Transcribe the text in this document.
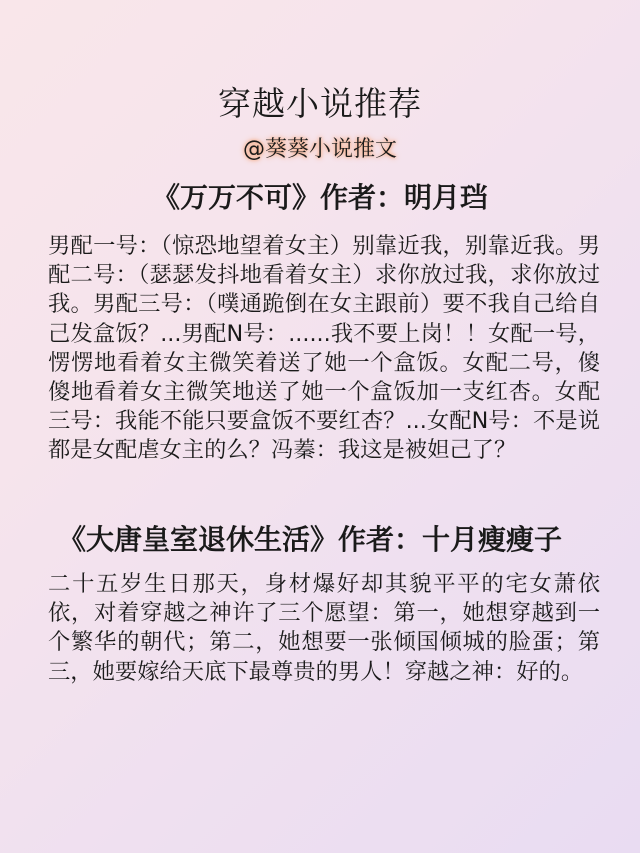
穿越小说推荐
@葵葵小说推文
《万万不可》作者：明月珰

男配一号：（惊恐地望着女主）别靠近我，别靠近我。男配二号：（瑟瑟发抖地看着女主）求你放过我，求你放过我。男配三号：（噗通跪倒在女主跟前）要不我自己给自己发盒饭？...男配N号：......我不要上岗！！女配一号，愣愣地看着女主微笑着送了她一个盒饭。女配二号，傻傻地看着女主微笑地送了她一个盒饭加一支红杏。女配三号：我能不能只要盒饭不要红杏？...女配N号：不是说都是女配虐女主的么？冯蓁：我这是被妲己了？

《大唐皇室退休生活》作者：十月瘦瘦子

二十五岁生日那天，身材爆好却其貌平平的宅女萧依依，对着穿越之神许了三个愿望：第一，她想穿越到一个繁华的朝代；第二，她想要一张倾国倾城的脸蛋；第三，她要嫁给天底下最尊贵的男人！穿越之神：好的。
